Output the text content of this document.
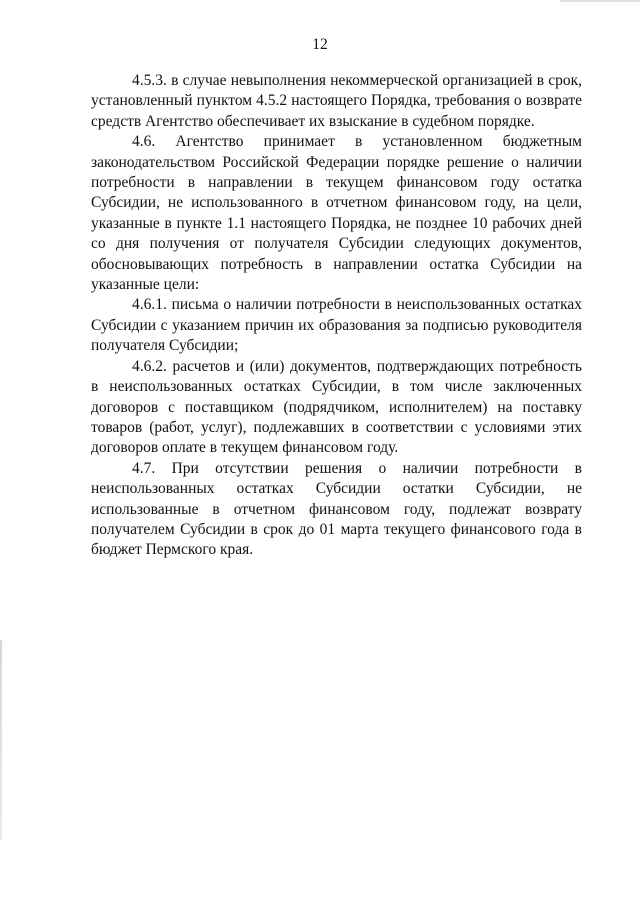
12

4.5.3. в случае невыполнения некоммерческой организацией в срок, установленный пунктом 4.5.2 настоящего Порядка, требования о возврате средств Агентство обеспечивает их взыскание в судебном порядке.

4.6. Агентство принимает в установленном бюджетным законодательством Российской Федерации порядке решение о наличии потребности в направлении в текущем финансовом году остатка Субсидии, не использованного в отчетном финансовом году, на цели, указанные в пункте 1.1 настоящего Порядка, не позднее 10 рабочих дней со дня получения от получателя Субсидии следующих документов, обосновывающих потребность в направлении остатка Субсидии на указанные цели:

4.6.1. письма о наличии потребности в неиспользованных остатках Субсидии с указанием причин их образования за подписью руководителя получателя Субсидии;

4.6.2. расчетов и (или) документов, подтверждающих потребность в неиспользованных остатках Субсидии, в том числе заключенных договоров с поставщиком (подрядчиком, исполнителем) на поставку товаров (работ, услуг), подлежавших в соответствии с условиями этих договоров оплате в текущем финансовом году.

4.7. При отсутствии решения о наличии потребности в неиспользованных остатках Субсидии остатки Субсидии, не использованные в отчетном финансовом году, подлежат возврату получателем Субсидии в срок до 01 марта текущего финансового года в бюджет Пермского края.
